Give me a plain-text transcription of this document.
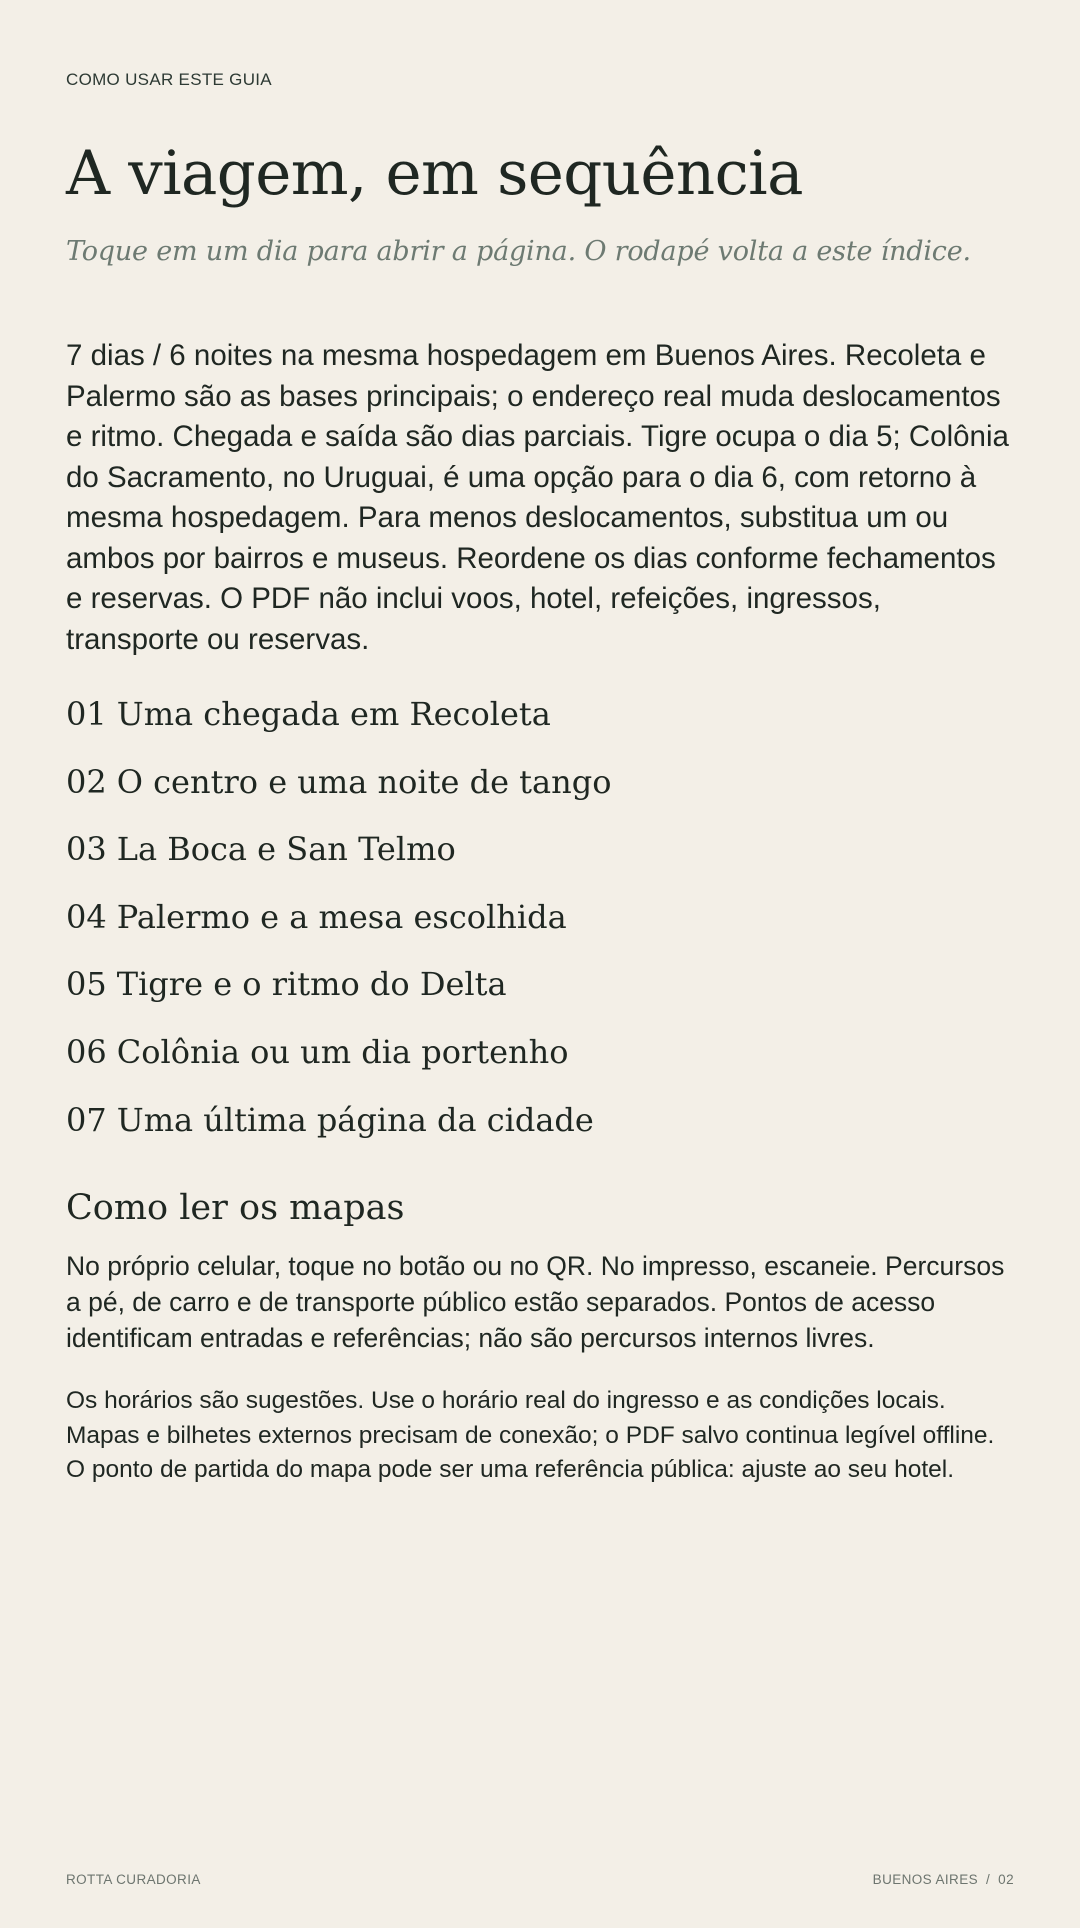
COMO USAR ESTE GUIA
A viagem, em sequência
Toque em um dia para abrir a página. O rodapé volta a este índice.

7 dias / 6 noites na mesma hospedagem em Buenos Aires. Recoleta e Palermo são as bases principais; o endereço real muda deslocamentos e ritmo. Chegada e saída são dias parciais. Tigre ocupa o dia 5; Colônia do Sacramento, no Uruguai, é uma opção para o dia 6, com retorno à mesma hospedagem. Para menos deslocamentos, substitua um ou ambos por bairros e museus. Reordene os dias conforme fechamentos e reservas. O PDF não inclui voos, hotel, refeições, ingressos, transporte ou reservas.

01 Uma chegada em Recoleta
02 O centro e uma noite de tango
03 La Boca e San Telmo
04 Palermo e a mesa escolhida
05 Tigre e o ritmo do Delta
06 Colônia ou um dia portenho
07 Uma última página da cidade
Como ler os mapas

No próprio celular, toque no botão ou no QR. No impresso, escaneie. Percursos a pé, de carro e de transporte público estão separados. Pontos de acesso identificam entradas e referências; não são percursos internos livres.

Os horários são sugestões. Use o horário real do ingresso e as condições locais. Mapas e bilhetes externos precisam de conexão; o PDF salvo continua legível offline. O ponto de partida do mapa pode ser uma referência pública: ajuste ao seu hotel.

ROTTA CURADORIA	BUENOS AIRES / 02
